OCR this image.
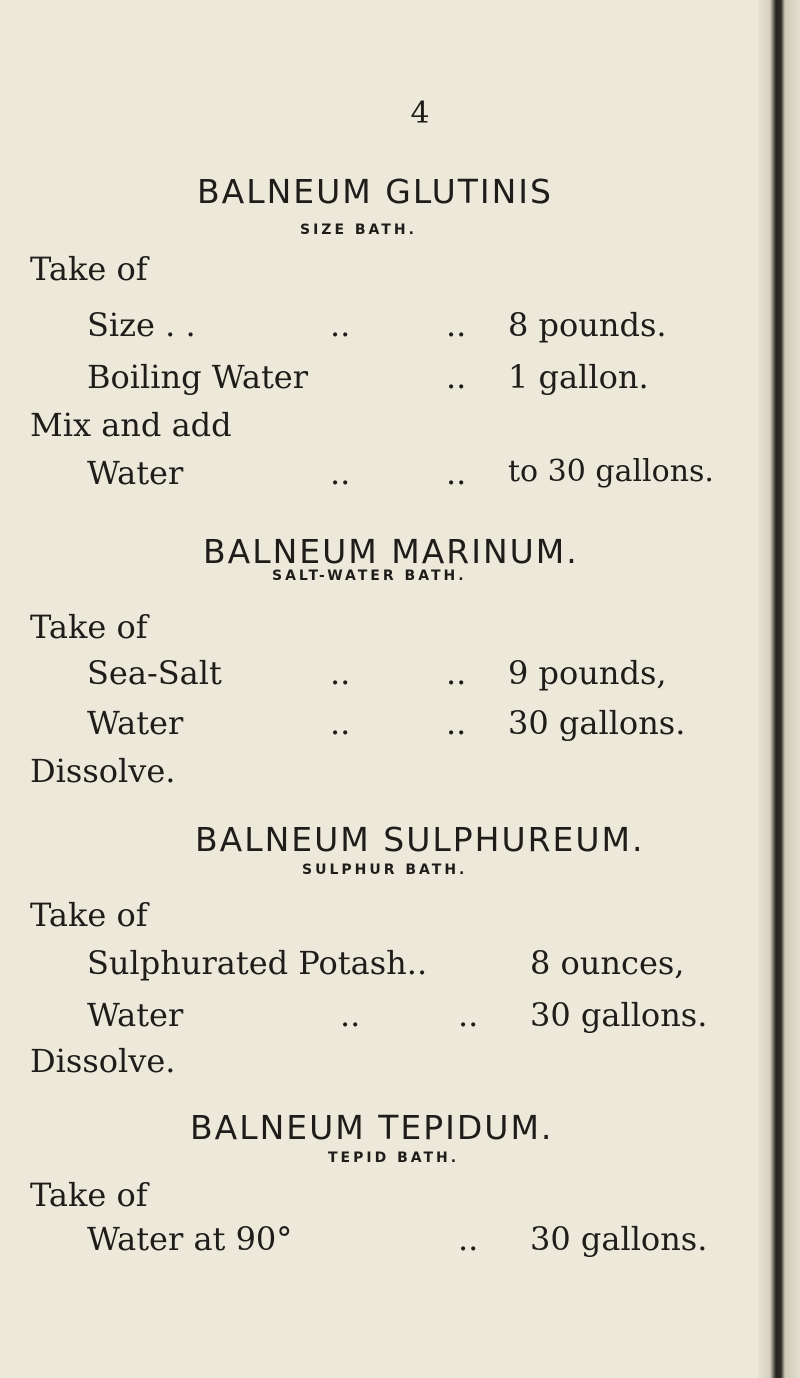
4
BALNEUM GLUTINIS
SIZE BATH.
Take of
Size . .	..	.. 8 pounds.
Boiling Water	.. 1 gallon.
Mix and add
Water	..	.. to 30 gallons.
BALNEUM MARINUM.
SALT-WATER BATH.
Take of
Sea-Salt	..	.. 9 pounds,
Water	..	.. 30 gallons.
Dissolve.
BALNEUM SULPHUREUM.
SULPHUR BATH.
Take of
Sulphurated Potash..	8 ounces,
Water	..	.. 30 gallons.
Dissolve.
BALNEUM TEPIDUM.
TEPID BATH.
Take of
Water at 90°	.. 30 gallons.
